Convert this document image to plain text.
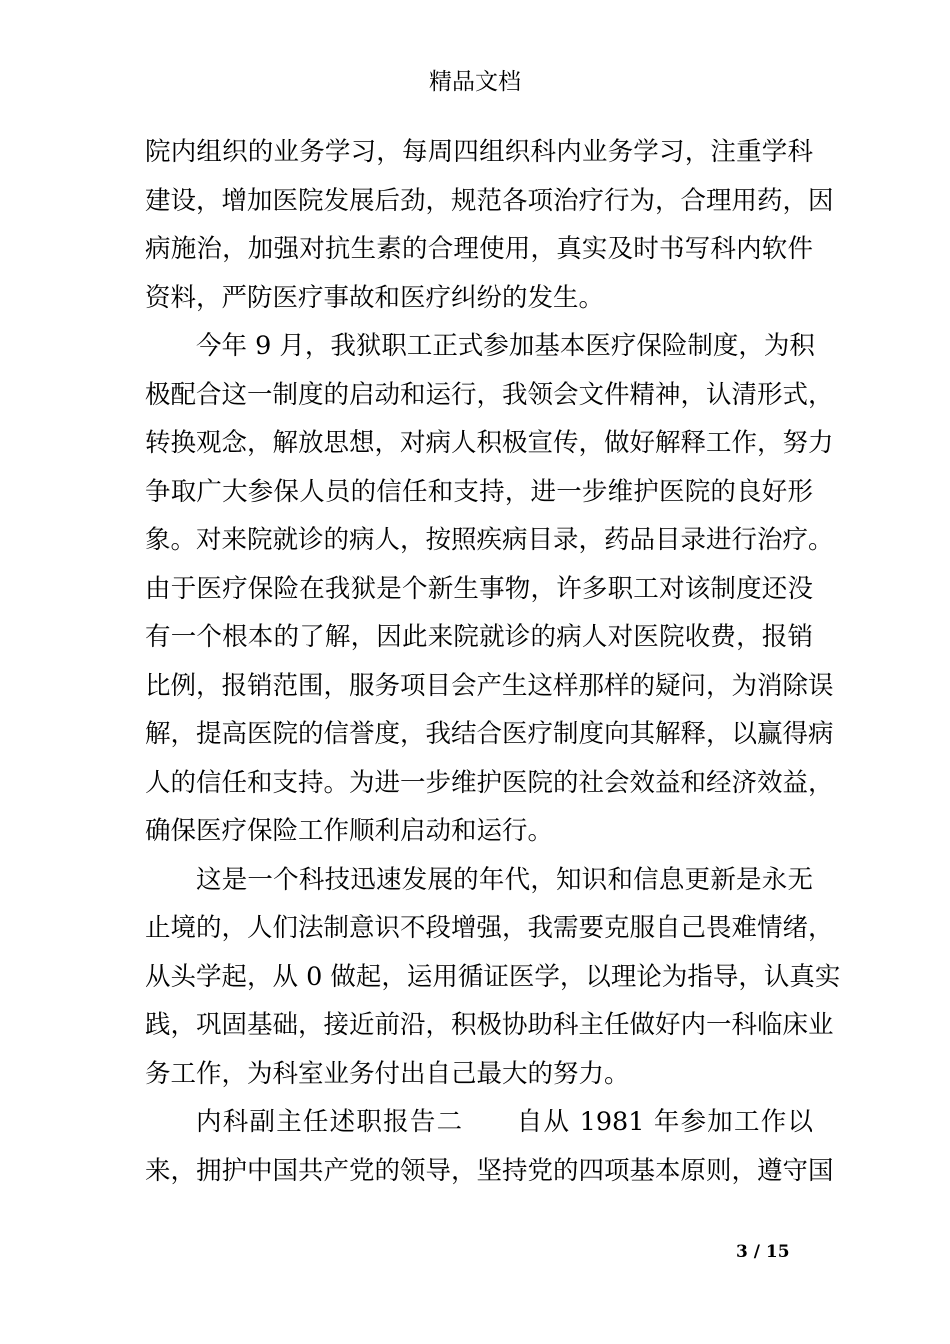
精品文档
院内组织的业务学习，每周四组织科内业务学习，注重学科
建设，增加医院发展后劲，规范各项治疗行为，合理用药，因
病施治，加强对抗生素的合理使用，真实及时书写科内软件
资料，严防医疗事故和医疗纠纷的发生。
今年 9 月，我狱职工正式参加基本医疗保险制度，为积
极配合这一制度的启动和运行，我领会文件精神，认清形式，
转换观念，解放思想，对病人积极宣传，做好解释工作，努力
争取广大参保人员的信任和支持，进一步维护医院的良好形
象。对来院就诊的病人，按照疾病目录，药品目录进行治疗。
由于医疗保险在我狱是个新生事物，许多职工对该制度还没
有一个根本的了解，因此来院就诊的病人对医院收费，报销
比例，报销范围，服务项目会产生这样那样的疑问，为消除误
解，提高医院的信誉度，我结合医疗制度向其解释，以赢得病
人的信任和支持。为进一步维护医院的社会效益和经济效益，
确保医疗保险工作顺利启动和运行。
这是一个科技迅速发展的年代，知识和信息更新是永无
止境的，人们法制意识不段增强，我需要克服自己畏难情绪，
从头学起，从 0 做起，运用循证医学，以理论为指导，认真实
践，巩固基础，接近前沿，积极协助科主任做好内一科临床业
务工作，为科室业务付出自己最大的努力。
内科副主任述职报告二　　自从 1981 年参加工作以
来，拥护中国共产党的领导，坚持党的四项基本原则，遵守国
3 / 15
